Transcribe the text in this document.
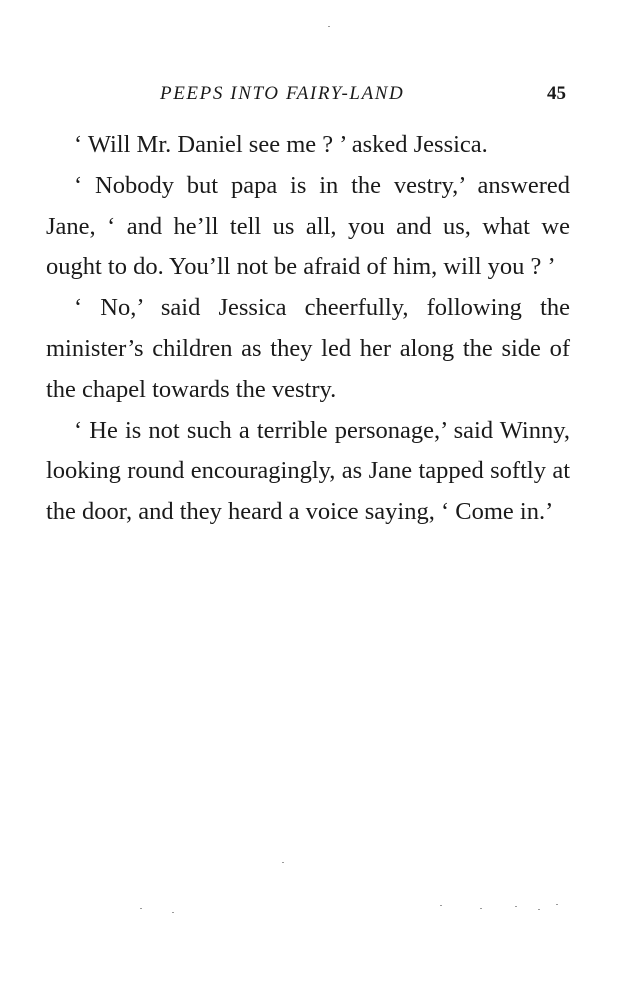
PEEPS INTO FAIRY-LAND	45

‘ Will Mr. Daniel see me ? ’ asked Jessica.

‘ Nobody but papa is in the vestry,’ answered Jane, ‘ and he’ll tell us all, you and us, what we ought to do. You’ll not be afraid of him, will you ? ’

‘ No,’ said Jessica cheerfully, following the minister’s children as they led her along the side of the chapel towards the vestry.

‘ He is not such a terrible personage,’ said Winny, looking round encouragingly, as Jane tapped softly at the door, and they heard a voice saying, ‘ Come in.’
